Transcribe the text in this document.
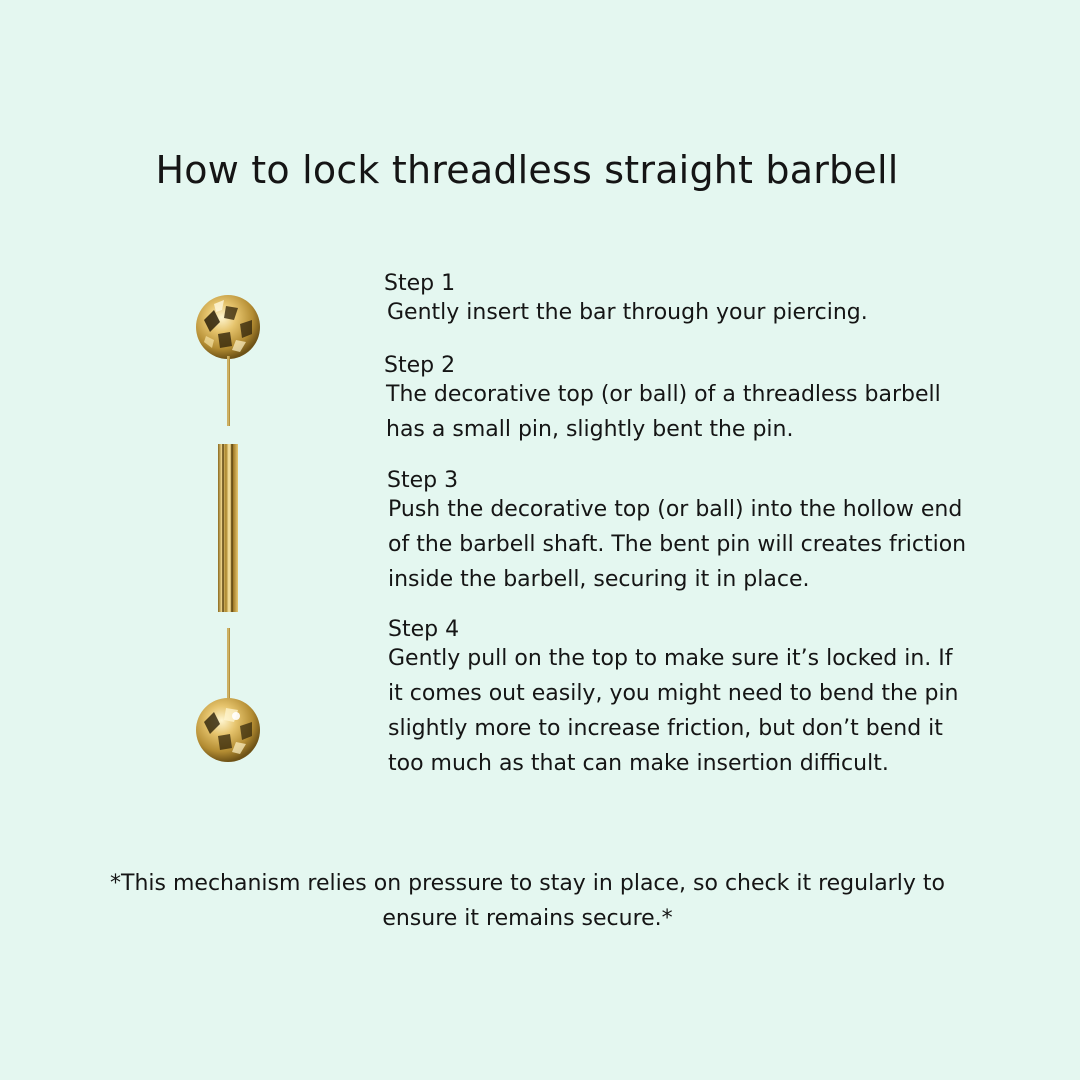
How to lock threadless straight barbell
Step 1
Gently insert the bar through your piercing.
Step 2
The decorative top (or ball) of a threadless barbell
has a small pin, slightly bent the pin.
Step 3
Push the decorative top (or ball) into the hollow end
of the barbell shaft. The bent pin will creates friction
inside the barbell, securing it in place.
Step 4
Gently pull on the top to make sure it’s locked in. If
it comes out easily, you might need to bend the pin
slightly more to increase friction, but don’t bend it
too much as that can make insertion difficult.
*This mechanism relies on pressure to stay in place, so check it regularly to
ensure it remains secure.*
